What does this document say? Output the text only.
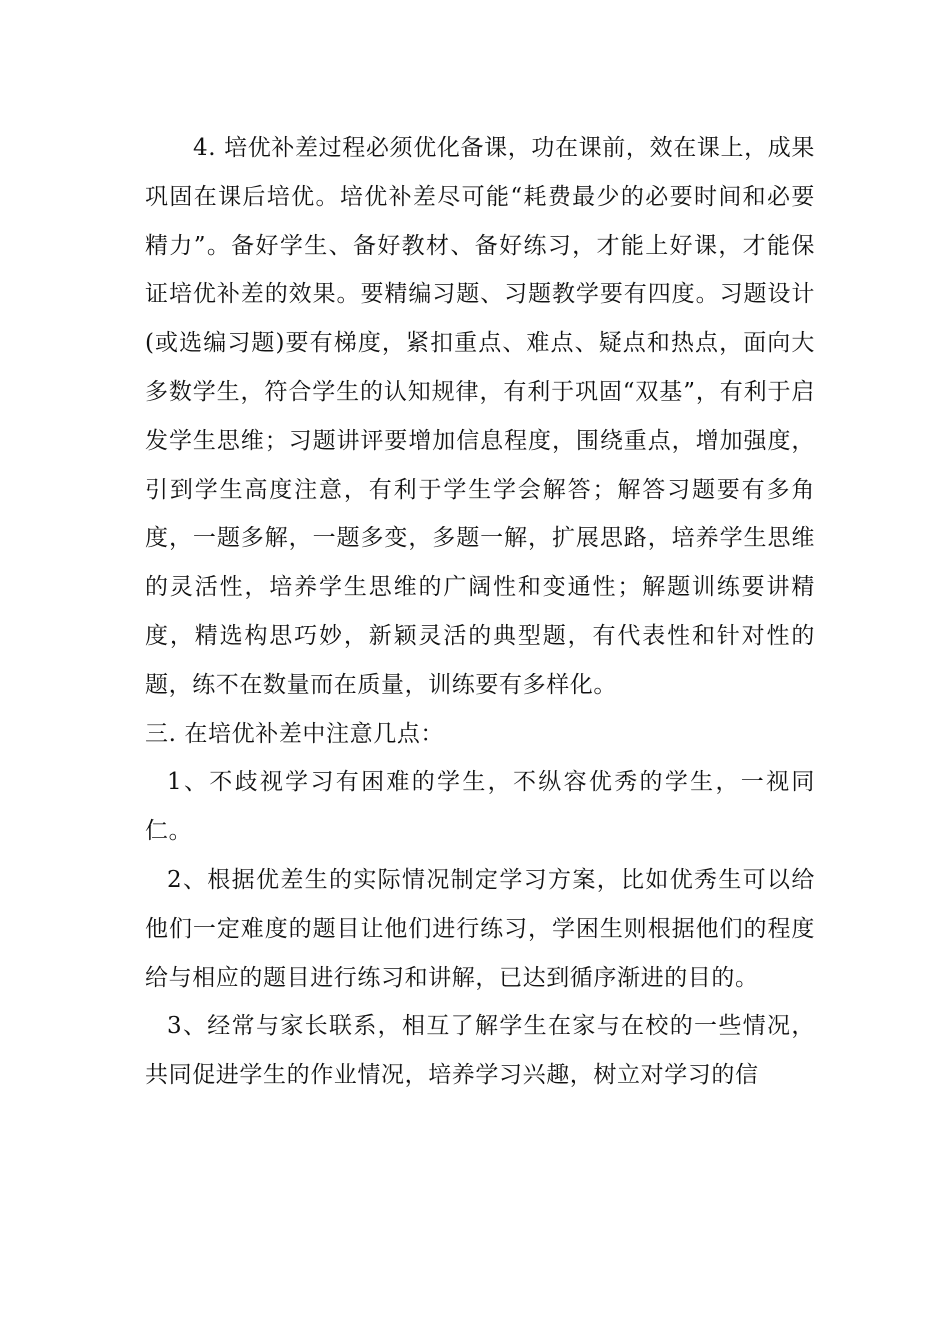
4. 培优补差过程必须优化备课，功在课前，效在课上，成果巩固在课后培优。培优补差尽可能“耗费最少的必要时间和必要精力”。备好学生、备好教材、备好练习，才能上好课，才能保证培优补差的效果。要精编习题、习题教学要有四度。习题设计(或选编习题)要有梯度，紧扣重点、难点、疑点和热点，面向大多数学生，符合学生的认知规律，有利于巩固“双基”，有利于启发学生思维；习题讲评要增加信息程度，围绕重点，增加强度，引到学生高度注意，有利于学生学会解答；解答习题要有多角度，一题多解，一题多变，多题一解，扩展思路，培养学生思维的灵活性，培养学生思维的广阔性和变通性；解题训练要讲精度，精选构思巧妙，新颖灵活的典型题，有代表性和针对性的题，练不在数量而在质量，训练要有多样化。

三. 在培优补差中注意几点：

1、不歧视学习有困难的学生，不纵容优秀的学生，一视同仁。

2、根据优差生的实际情况制定学习方案，比如优秀生可以给他们一定难度的题目让他们进行练习，学困生则根据他们的程度给与相应的题目进行练习和讲解，已达到循序渐进的目的。

3、经常与家长联系，相互了解学生在家与在校的一些情况，共同促进学生的作业情况，培养学习兴趣，树立对学习的信
